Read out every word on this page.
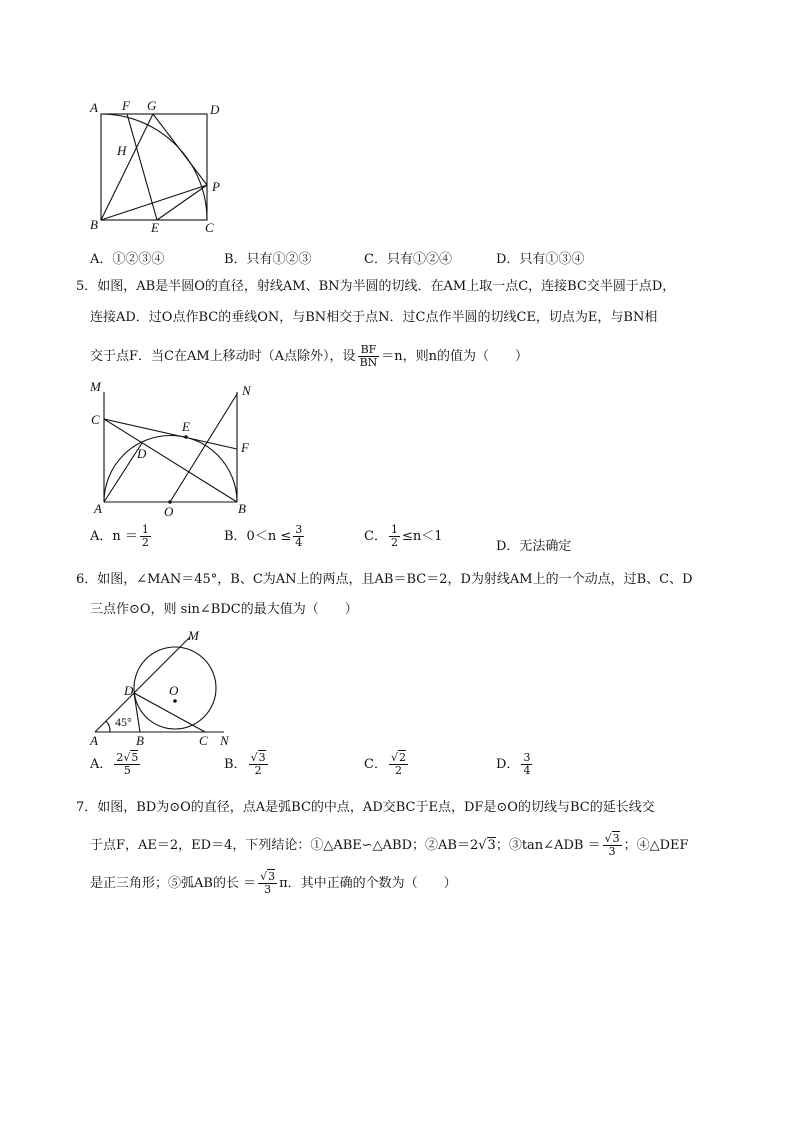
A F G	D
H
P
B	E	C
A．①②③④	B．只有①②③	C．只有①②④	D．只有①③④
5．如图，AB是半圆O的直径，射线AM、BN为半圆的切线．在AM上取一点C，连接BC交半圆于点D，
连接AD．过O点作BC的垂线ON，与BN相交于点N．过C点作半圆的切线CE，切点为E，与BN相
交于点F．当C在AM上移动时（A点除外），设 $\frac{BF}{BN} =n$，则n的值为（　　）
M	N
C	E
D	F
A	O	B
A．$n = \frac{1}{2}$	B．$0<n \le \frac{3}{4}$	C． $\frac{1}{2} \le n<1$
D．无法确定
6．如图，∠MAN＝45°，B、C为AN上的两点，且AB＝BC＝2，D为射线AM上的一个动点，过B、C、D
三点作⊙O，则 sin∠BDC的最大值为（　　）
M
D	O
45°
A	B	C N
A． $\frac{2√5}{5}$	B． $\frac{√3}{2}$	C． $\frac{√2}{2}$	D． $\frac{3}{4}$
7．如图，BD为⊙O的直径，点A是弧BC的中点，AD交BC于E点，DF是⊙O的切线与BC的延长线交
于点F，AE＝2，ED＝4，下列结论：①△ABE∽△ABD；②AB＝2√3；③tan∠ADB ＝ $\frac{√3}{3}$ ；④△DEF
是正三角形；⑤弧AB的长 ＝ $\frac{√3}{3}$ π．其中正确的个数为（　　）
